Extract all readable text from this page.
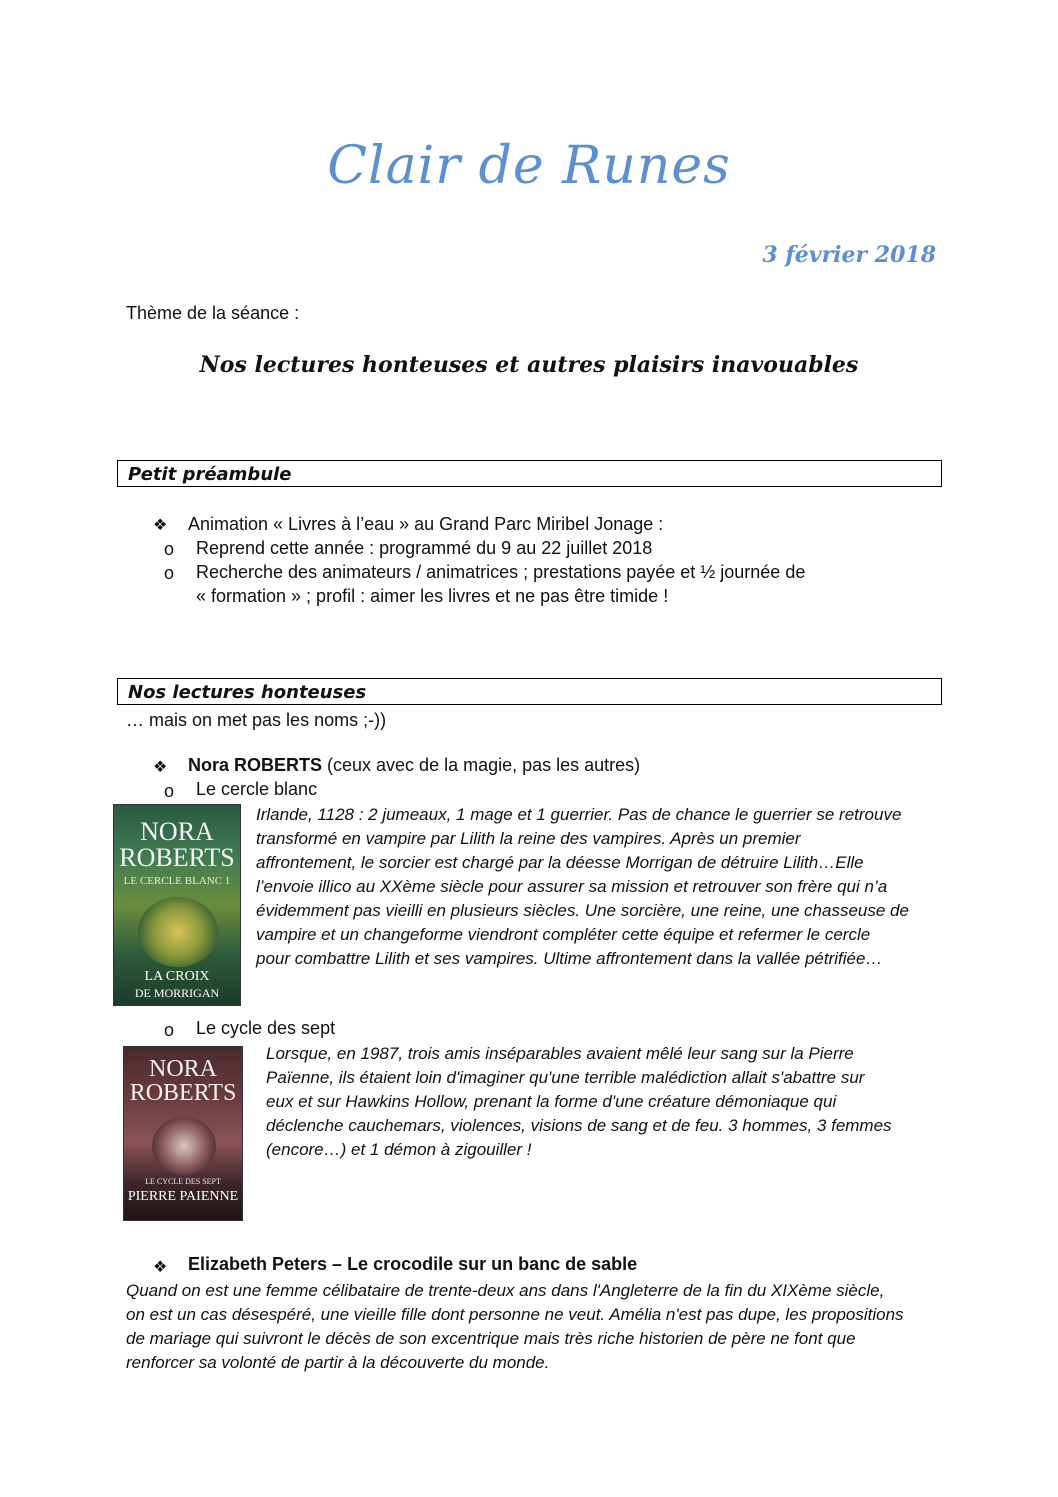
Clair de Runes
3 février 2018
Thème de la séance :
Nos lectures honteuses et autres plaisirs inavouables
Petit préambule
❖ Animation « Livres à l’eau » au Grand Parc Miribel Jonage :
o Reprend cette année : programmé du 9 au 22 juillet 2018
o Recherche des animateurs / animatrices ; prestations payée et ½ journée de
« formation » ; profil : aimer les livres et ne pas être timide !
Nos lectures honteuses
… mais on met pas les noms ;-))
❖ Nora ROBERTS (ceux avec de la magie, pas les autres)
o Le cercle blanc
NORA
ROBERTS
LE CERCLE BLANC 1
LA CROIX
DE MORRIGAN
Irlande, 1128 : 2 jumeaux, 1 mage et 1 guerrier. Pas de chance le guerrier se retrouve
transformé en vampire par Lilith la reine des vampires. Après un premier
affrontement, le sorcier est chargé par la déesse Morrigan de détruire Lilith…Elle
l’envoie illico au XXème siècle pour assurer sa mission et retrouver son frère qui n’a
évidemment pas vieilli en plusieurs siècles. Une sorcière, une reine, une chasseuse de
vampire et un changeforme viendront compléter cette équipe et refermer le cercle
pour combattre Lilith et ses vampires. Ultime affrontement dans la vallée pétrifiée…
o Le cycle des sept
NORA
ROBERTS
LE CYCLE DES SEPT
PIERRE PAIENNE
Lorsque, en 1987, trois amis inséparables avaient mêlé leur sang sur la Pierre
Païenne, ils étaient loin d'imaginer qu'une terrible malédiction allait s'abattre sur
eux et sur Hawkins Hollow, prenant la forme d'une créature démoniaque qui
déclenche cauchemars, violences, visions de sang et de feu. 3 hommes, 3 femmes
(encore…) et 1 démon à zigouiller !
❖ Elizabeth Peters – Le crocodile sur un banc de sable
Quand on est une femme célibataire de trente-deux ans dans l'Angleterre de la fin du XIXème siècle,
on est un cas désespéré, une vieille fille dont personne ne veut. Amélia n'est pas dupe, les propositions
de mariage qui suivront le décès de son excentrique mais très riche historien de père ne font que
renforcer sa volonté de partir à la découverte du monde.
